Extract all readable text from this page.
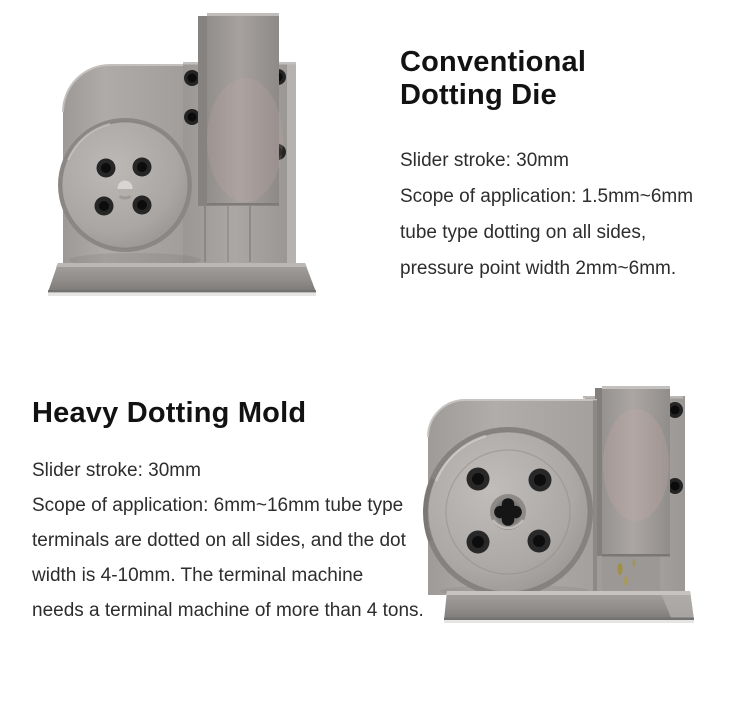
Conventional
Dotting Die

Slider stroke: 30mm

Scope of application: 1.5mm~6mm

tube type dotting on all sides,

pressure point width 2mm~6mm.

Heavy Dotting Mold

Slider stroke: 30mm

Scope of application: 6mm~16mm tube type

terminals are dotted on all sides, and the dot

width is 4-10mm. The terminal machine

needs a terminal machine of more than 4 tons.
